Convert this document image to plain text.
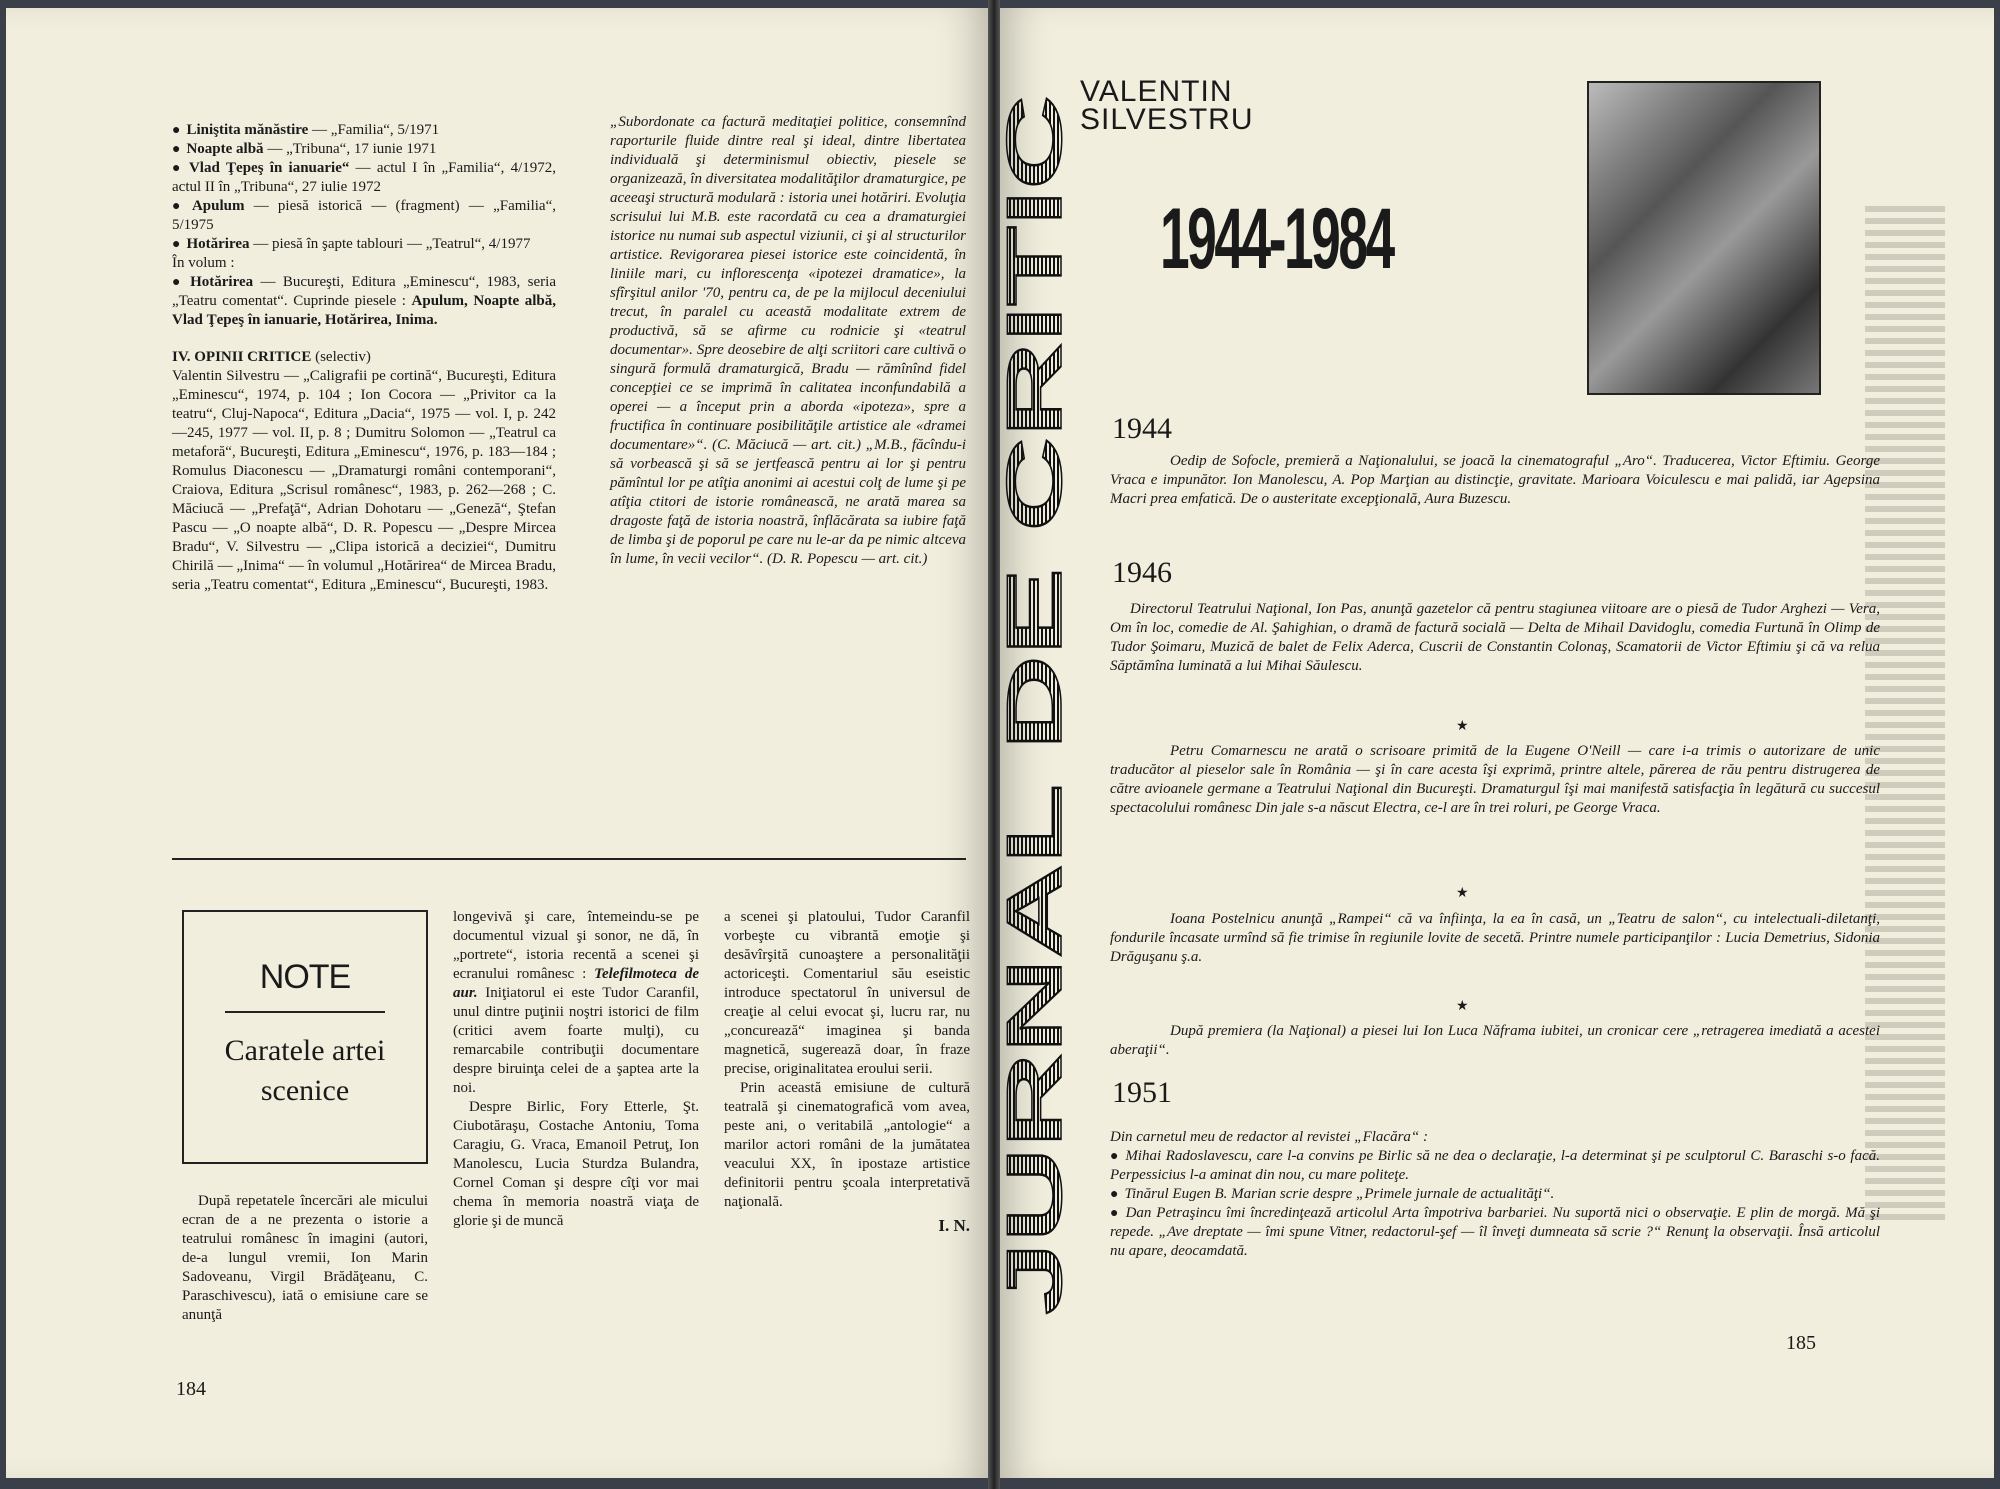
● Liniştita mănăstire — „Familia“, 5/1971

● Noapte albă — „Tribuna“, 17 iunie 1971

● Vlad Ţepeş în ianuarie“ — actul I în „Familia“, 4/1972, actul II în „Tribuna“, 27 iulie 1972

● Apulum — piesă istorică — (fragment) — „Familia“, 5/1975

● Hotărirea — piesă în şapte tablouri — „Teatrul“, 4/1977

În volum :

● Hotărirea — Bucureşti, Editura „Eminescu“, 1983, seria „Teatru comentat“. Cuprinde piesele : Apulum, Noapte albă, Vlad Ţepeş în ianuarie, Hotărirea, Inima.

IV. OPINII CRITICE (selectiv)

Valentin Silvestru — „Caligrafii pe cortină“, Bucureşti, Editura „Eminescu“, 1974, p. 104 ; Ion Cocora — „Privitor ca la teatru“, Cluj-Napoca“, Editura „Dacia“, 1975 — vol. I, p. 242—245, 1977 — vol. II, p. 8 ; Dumitru Solomon — „Teatrul ca metaforă“, Bucureşti, Editura „Eminescu“, 1976, p. 183—184 ; Romulus Diaconescu — „Dramaturgi români contemporani“, Craiova, Editura „Scrisul românesc“, 1983, p. 262—268 ; C. Măciucă — „Prefaţă“, Adrian Dohotaru — „Geneză“, Ştefan Pascu — „O noapte albă“, D. R. Popescu — „Despre Mircea Bradu“, V. Silvestru — „Clipa istorică a deciziei“, Dumitru Chirilă — „Inima“ — în volumul „Hotărirea“ de Mircea Bradu, seria „Teatru comentat“, Editura „Eminescu“, Bucureşti, 1983.

„Subordonate ca factură meditaţiei politice, consemnînd raporturile fluide dintre real şi ideal, dintre libertatea individuală şi determinismul obiectiv, piesele se organizează, în diversitatea modalităţilor dramaturgice, pe aceeaşi structură modulară : istoria unei hotăriri. Evoluţia scrisului lui M.B. este racordată cu cea a dramaturgiei istorice nu numai sub aspectul viziunii, ci şi al structurilor artistice. Revigorarea piesei istorice este coincidentă, în liniile mari, cu inflorescenţa «ipotezei dramatice», la sfîrşitul anilor '70, pentru ca, de pe la mijlocul deceniului trecut, în paralel cu această modalitate extrem de productivă, să se afirme cu rodnicie şi «teatrul documentar». Spre deosebire de alţi scriitori care cultivă o singură formulă dramaturgică, Bradu — rămînînd fidel concepţiei ce se imprimă în calitatea inconfundabilă a operei — a început prin a aborda «ipoteza», spre a fructifica în continuare posibilităţile artistice ale «dramei documentare»“. (C. Măciucă — art. cit.) „M.B., făcîndu-i să vorbească şi să se jertfească pentru ai lor şi pentru pămîntul lor pe atîţia anonimi ai acestui colţ de lume şi pe atîţia ctitori de istorie românească, ne arată marea sa dragoste faţă de istoria noastră, înflăcărata sa iubire faţă de limba şi de poporul pe care nu le-ar da pe nimic altceva în lume, în vecii vecilor“. (D. R. Popescu — art. cit.)

NOTE
Caratele artei scenice

După repetatele încercări ale micului ecran de a ne prezenta o istorie a teatrului românesc în imagini (autori, de-a lungul vremii, Ion Marin Sadoveanu, Virgil Brădăţeanu, C. Paraschivescu), iată o emisiune care se anunţă

longevivă şi care, întemeindu-se pe documentul vizual şi sonor, ne dă, în „portrete“, istoria recentă a scenei şi ecranului românesc : Telefilmoteca de aur. Iniţiatorul ei este Tudor Caranfil, unul dintre puţinii noştri istorici de film (critici avem foarte mulţi), cu remarcabile contribuţii documentare despre biruinţa celei de a şaptea arte la noi.

Despre Birlic, Fory Etterle, Şt. Ciubotăraşu, Costache Antoniu, Toma Caragiu, G. Vraca, Emanoil Petruţ, Ion Manolescu, Lucia Sturdza Bulandra, Cornel Coman şi despre cîţi vor mai chema în memoria noastră viaţa de glorie şi de muncă

a scenei şi platoului, Tudor Caranfil vorbeşte cu vibrantă emoţie şi desăvîrşită cunoaştere a personalităţii actoriceşti. Comentariul său eseistic introduce spectatorul în universul de creaţie al celui evocat şi, lucru rar, nu „concurează“ imaginea şi banda magnetică, sugerează doar, în fraze precise, originalitatea eroului serii.

Prin această emisiune de cultură teatrală şi cinematografică vom avea, peste ani, o veritabilă „antologie“ a marilor actori români de la jumătatea veacului XX, în ipostaze artistice definitorii pentru şcoala interpretativă naţională.

I. N.

184
JURNAL DE CRITIC
VALENTIN
SILVESTRU
1944-1984
1944

Oedip de Sofocle, premieră a Naţionalului, se joacă la cinematograful „Aro“. Traducerea, Victor Eftimiu. George Vraca e impunător. Ion Manolescu, A. Pop Marţian au distincţie, gravitate. Marioara Voiculescu e mai palidă, iar Agepsina Macri prea emfatică. De o austeritate excepţională, Aura Buzescu.

1946

Directorul Teatrului Naţional, Ion Pas, anunţă gazetelor că pentru stagiunea viitoare are o piesă de Tudor Arghezi — Vera, Om în loc, comedie de Al. Şahighian, o dramă de factură socială — Delta de Mihail Davidoglu, comedia Furtună în Olimp de Tudor Şoimaru, Muzică de balet de Felix Aderca, Cuscrii de Constantin Colonaş, Scamatorii de Victor Eftimiu şi că va relua Săptămîna luminată a lui Mihai Săulescu.

★

Petru Comarnescu ne arată o scrisoare primită de la Eugene O'Neill — care i-a trimis o autorizare de unic traducător al pieselor sale în România — şi în care acesta îşi exprimă, printre altele, părerea de rău pentru distrugerea de către avioanele germane a Teatrului Naţional din Bucureşti. Dramaturgul îşi mai manifestă satisfacţia în legătură cu succesul spectacolului românesc Din jale s-a născut Electra, ce-l are în trei roluri, pe George Vraca.

★

Ioana Postelnicu anunţă „Rampei“ că va înfiinţa, la ea în casă, un „Teatru de salon“, cu intelectuali-diletanţi, fondurile încasate urmînd să fie trimise în regiunile lovite de secetă. Printre numele participanţilor : Lucia Demetrius, Sidonia Drăguşanu ş.a.

★

După premiera (la Naţional) a piesei lui Ion Luca Năframa iubitei, un cronicar cere „retragerea imediată a acestei aberaţii“.

1951

Din carnetul meu de redactor al revistei „Flacăra“ :

● Mihai Radoslavescu, care l-a convins pe Birlic să ne dea o declaraţie, l-a determinat şi pe sculptorul C. Baraschi s-o facă. Perpessicius l-a aminat din nou, cu mare politeţe.

● Tinărul Eugen B. Marian scrie despre „Primele jurnale de actualităţi“.

● Dan Petraşincu îmi încredinţează articolul Arta împotriva barbariei. Nu suportă nici o observaţie. E plin de morgă. Mă şi repede. „Ave dreptate — îmi spune Vitner, redactorul-şef — îl înveţi dumneata să scrie ?“ Renunţ la observaţii. Însă articolul nu apare, deocamdată.

185
